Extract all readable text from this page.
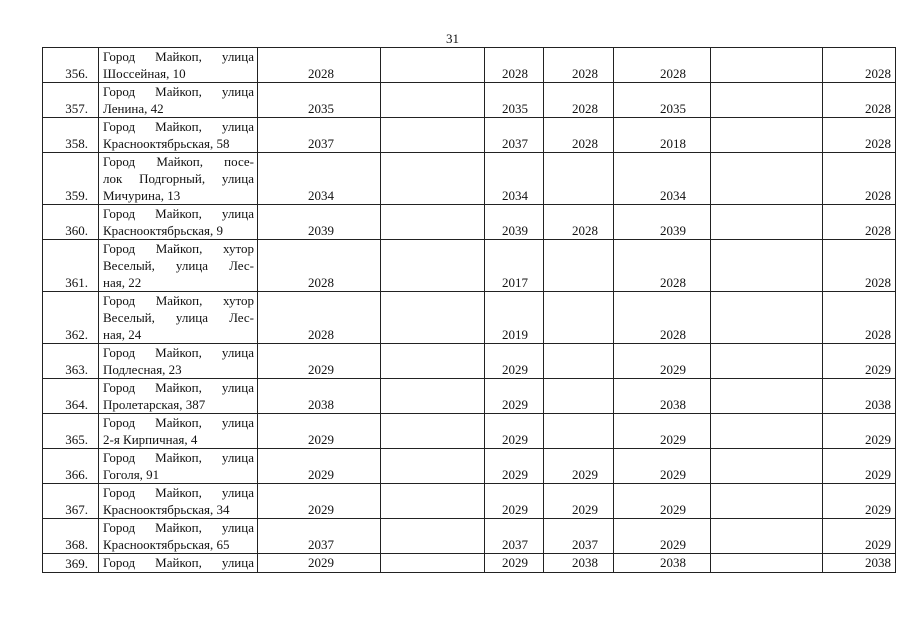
31
356.	Город Майкоп, улица
Шоссейная, 10	2028		2028	2028	2028		2028
357.	Город Майкоп, улица
Ленина, 42	2035		2035	2028	2035		2028
358.	Город Майкоп, улица
Краснооктябрьская, 58	2037		2037	2028	2018		2028
359.	Город Майкоп, посе-
лок Подгорный, улица
Мичурина, 13	2034		2034		2034		2028
360.	Город Майкоп, улица
Краснооктябрьская, 9	2039		2039	2028	2039		2028
361.	Город Майкоп, хутор
Веселый, улица Лес-
ная, 22	2028		2017		2028		2028
362.	Город Майкоп, хутор
Веселый, улица Лес-
ная, 24	2028		2019		2028		2028
363.	Город Майкоп, улица
Подлесная, 23	2029		2029		2029		2029
364.	Город Майкоп, улица
Пролетарская, 387	2038		2029		2038		2038
365.	Город Майкоп, улица
2-я Кирпичная, 4	2029		2029		2029		2029
366.	Город Майкоп, улица
Гоголя, 91	2029		2029	2029	2029		2029
367.	Город Майкоп, улица
Краснооктябрьская, 34	2029		2029	2029	2029		2029
368.	Город Майкоп, улица
Краснооктябрьская, 65	2037		2037	2037	2029		2029
369.	Город Майкоп, улица	2029		2029	2038	2038		2038
